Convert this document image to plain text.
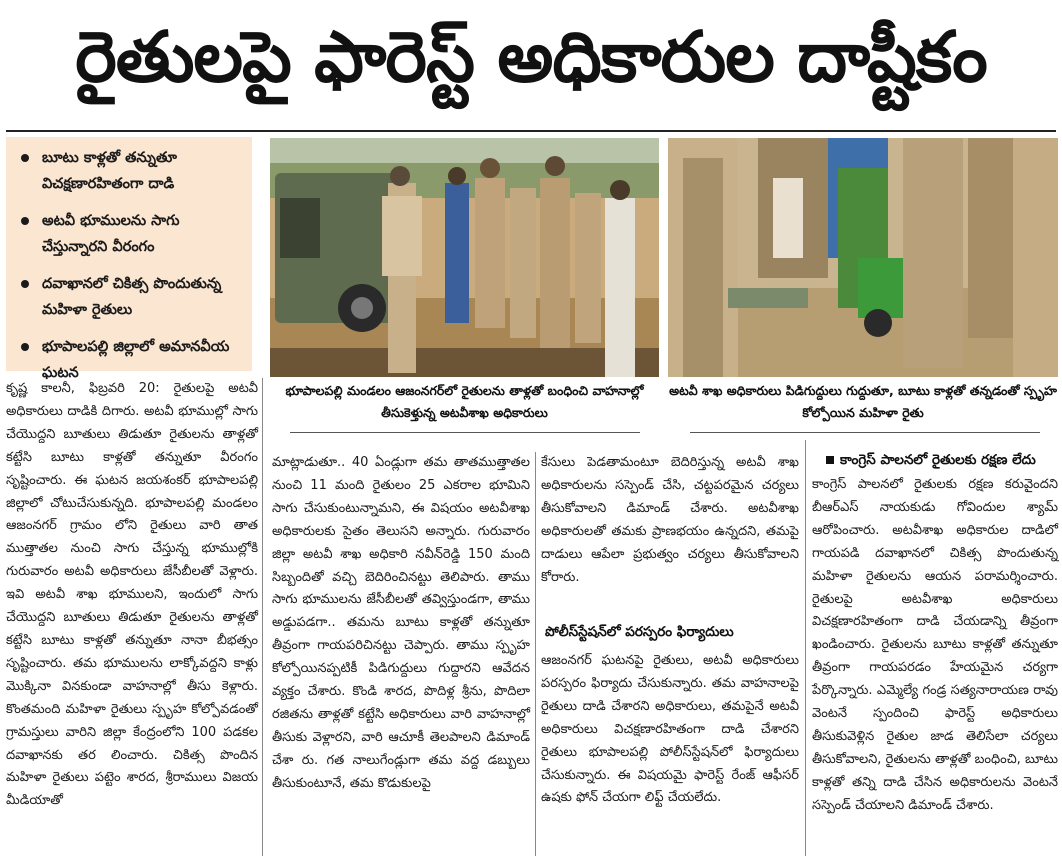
రైతులపై ఫారెస్ట్ అధికారుల దాష్టీకం
బూటు కాళ్లతో తన్నుతూ విచక్షణారహితంగా దాడి
అటవీ భూములను సాగు చేస్తున్నారని వీరంగం
దవాఖానలో చికిత్స పొందుతున్న మహిళా రైతులు
భూపాలపల్లి జిల్లాలో అమానవీయ ఘటన
భూపాలపల్లి మండలం ఆజంనగర్‌లో రైతులను తాళ్లతో బంధించి వాహనాల్లో తీసుకెళ్తున్న అటవీశాఖ అధికారులు
అటవీ శాఖ అధికారులు పిడిగుద్దులు గుద్దుతూ, బూటు కాళ్లతో తన్నడంతో స్పృహ కోల్పోయిన మహిళా రైతు
కృష్ణ కాలనీ, ఫిబ్రవరి 20: రైతులపై అటవీ అధికారులు దాడికి దిగారు. అటవీ భూముల్లో సాగు చేయొద్దని బూతులు తిడుతూ రైతులను తాళ్లతో కట్టేసి బూటు కాళ్లతో తన్నుతూ వీరంగం సృష్టించారు. ఈ ఘటన జయశంకర్ భూపాలపల్లి జిల్లాలో చోటుచేసుకున్నది. భూపాలపల్లి మండలం ఆజంనగర్ గ్రామం లోని రైతులు వారి తాత ముత్తాతల నుంచి సాగు చేస్తున్న భూముల్లోకి గురువారం అటవీ అధికారులు జేసీబీలతో వెళ్లారు. ఇవి అటవీ శాఖ భూములని, ఇందులో సాగు చేయొద్దని బూతులు తిడుతూ రైతులను తాళ్లతో కట్టేసి బూటు కాళ్లతో తన్నుతూ నానా బీభత్సం సృష్టించారు. తమ భూములను లాక్కోవద్దని కాళ్లు మొక్కినా వినకుండా వాహనాల్లో తీసు కెళ్లారు. కొంతమంది మహిళా రైతులు స్పృహ కోల్పోవడంతో గ్రామస్తులు వారిని జిల్లా కేంద్రంలోని 100 పడకల దవాఖానకు తర లించారు. చికిత్స పొందిన మహిళా రైతులు పట్టెం శారద, శ్రీరాములు విజయ మీడియాతో
మాట్లాడుతూ.. 40 ఏండ్లుగా తమ తాతముత్తాతల నుంచి 11 మంది రైతులం 25 ఎకరాల భూమిని సాగు చేసుకుంటున్నామని, ఈ విషయం అటవీశాఖ అధికారులకు సైతం తెలుసని అన్నారు. గురువారం జిల్లా అటవీ శాఖ అధికారి నవీన్‌రెడ్డి 150 మంది సిబ్బందితో వచ్చి బెదిరించినట్టు తెలిపారు. తాము సాగు భూములను జేసీబీలతో తవ్విస్తుండగా, తాము అడ్డుపడగా.. తమను బూటు కాళ్లతో తన్నుతూ తీవ్రంగా గాయపరిచినట్టు చెప్పారు. తాము స్పృహ కోల్పోయినప్పటికీ పిడిగుద్దులు గుద్దారని ఆవేదన వ్యక్తం చేశారు. కొండి శారద, పొదిళ్ల శ్రీను, పొదిలా రజితను తాళ్లతో కట్టేసి అధికారులు వారి వాహనాల్లో తీసుకు వెళ్లారని, వారి ఆచూకీ తెలపాలని డిమాండ్ చేశా రు. గత నాలుగేండ్లుగా తమ వద్ద డబ్బులు తీసుకుంటూనే, తమ కొడుకులపై
కేసులు పెడతామంటూ బెదిరిస్తున్న అటవీ శాఖ అధికారులను సస్పెండ్ చేసి, చట్టపరమైన చర్యలు తీసుకోవాలని డిమాండ్ చేశారు. అటవీశాఖ అధికారులతో తమకు ప్రాణభయం ఉన్నదని, తమపై దాడులు ఆపేలా ప్రభుత్వం చర్యలు తీసుకోవాలని కోరారు.
పోలీస్‌స్టేషన్‌లో పరస్పరం ఫిర్యాదులు
ఆజంనగర్ ఘటనపై రైతులు, అటవీ అధికారులు పరస్పరం ఫిర్యాదు చేసుకున్నారు. తమ వాహనాలపై రైతులు దాడి చేశారని అధికారులు, తమపైనే అటవీ అధికారులు విచక్షణారహితంగా దాడి చేశారని రైతులు భూపాలపల్లి పోలీస్‌స్టేషన్‌లో ఫిర్యాదులు చేసుకున్నారు. ఈ విషయమై ఫారెస్ట్ రేంజ్ ఆఫీసర్ ఉషకు ఫోన్ చేయగా లిఫ్ట్ చేయలేదు.
కాంగ్రెస్ పాలనలో రైతులకు రక్షణ లేదు
కాంగ్రెస్ పాలనలో రైతులకు రక్షణ కరువైందని బీఆర్‌ఎస్ నాయకుడు గోవిందుల శ్యామ్ ఆరోపించారు. అటవీశాఖ అధికారుల దాడిలో గాయపడి దవాఖానలో చికిత్స పొందుతున్న మహిళా రైతులను ఆయన పరామర్శించారు. రైతులపై అటవీశాఖ అధికారులు విచక్షణారహితంగా దాడి చేయడాన్ని తీవ్రంగా ఖండించారు. రైతులను బూటు కాళ్లతో తన్నుతూ తీవ్రంగా గాయపరడం హేయమైన చర్యగా పేర్కొన్నారు. ఎమ్మెల్యే గండ్ర సత్యనారాయణ రావు వెంటనే స్పందించి ఫారెస్ట్ అధికారులు తీసుకువెళ్లిన రైతుల జాడ తెలిసేలా చర్యలు తీసుకోవాలని, రైతులను తాళ్లతో బంధించి, బూటు కాళ్లతో తన్ని దాడి చేసిన అధికారులను వెంటనే సస్పెండ్ చేయాలని డిమాండ్ చేశారు.
